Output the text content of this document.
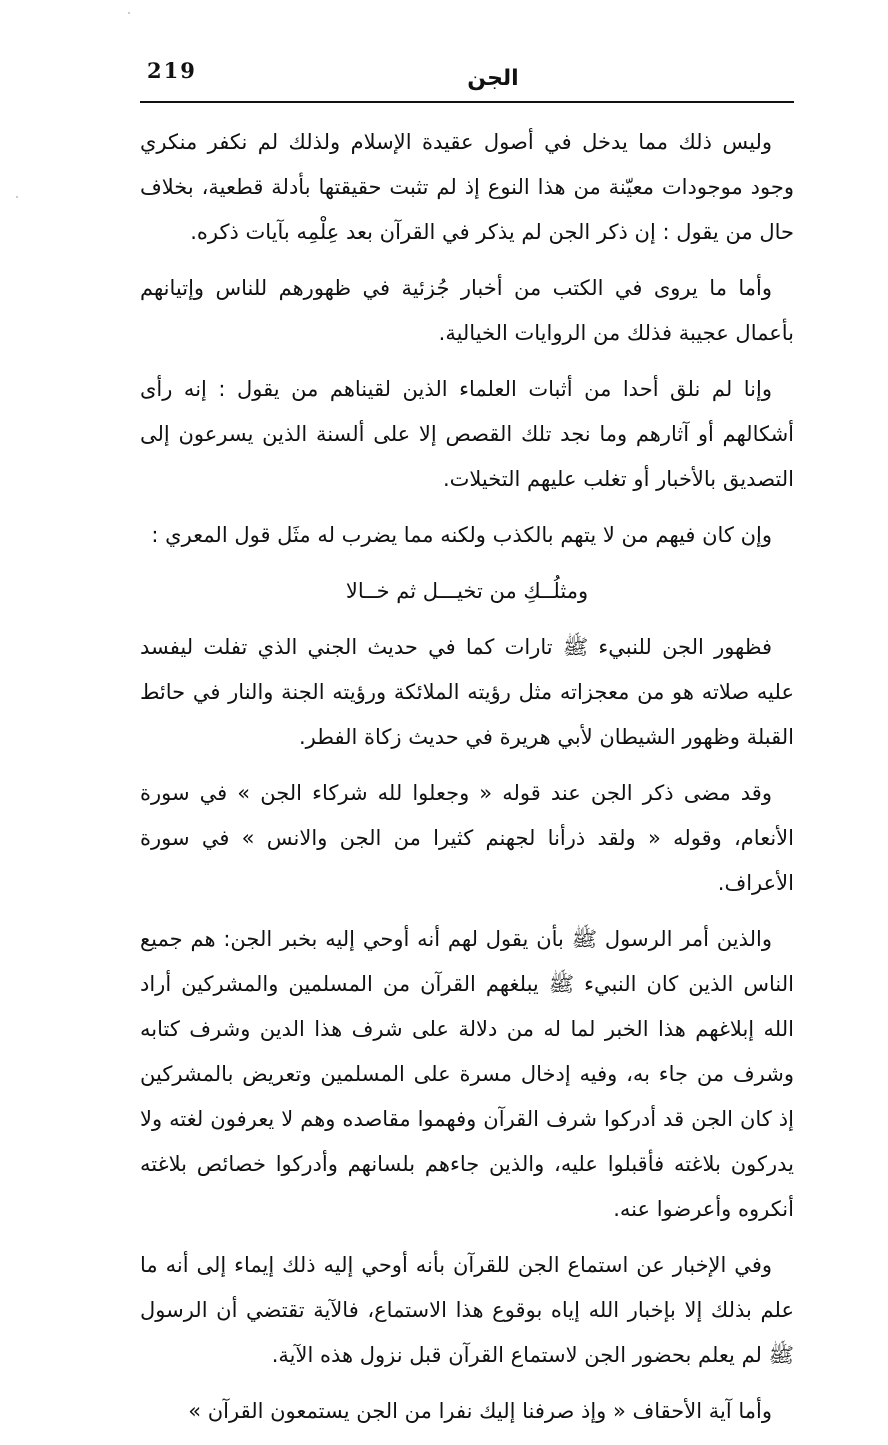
219	الجن

وليس ذلك مما يدخل في أصول عقيدة الإسلام ولذلك لم نكفر منكري وجود موجودات معيّنة من هذا النوع إذ لم تثبت حقيقتها بأدلة قطعية، بخلاف حال من يقول : إن ذكر الجن لم يذكر في القرآن بعد عِلْمِه بآيات ذكره.

وأما ما يروى في الكتب من أخبار جُزئية في ظهورهم للناس وإتيانهم بأعمال عجيبة فذلك من الروايات الخيالية.

وإنا لم نلق أحدا من أثبات العلماء الذين لقيناهم من يقول : إنه رأى أشكالهم أو آثارهم وما نجد تلك القصص إلا على ألسنة الذين يسرعون إلى التصديق بالأخبار أو تغلب عليهم التخيلات.

وإن كان فيهم من لا يتهم بالكذب ولكنه مما يضرب له مثَل قول المعري :

ومثلُــكِ من تخيـــل ثم خــالا

فظهور الجن للنبيء ﷺ تارات كما في حديث الجني الذي تفلت ليفسد عليه صلاته هو من معجزاته مثل رؤيته الملائكة ورؤيته الجنة والنار في حائط القبلة وظهور الشيطان لأبي هريرة في حديث زكاة الفطر.

وقد مضى ذكر الجن عند قوله « وجعلوا لله شركاء الجن » في سورة الأنعام، وقوله « ولقد ذرأنا لجهنم كثيرا من الجن والانس » في سورة الأعراف.

والذين أمر الرسول ﷺ بأن يقول لهم أنه أوحي إليه بخبر الجن: هم جميع الناس الذين كان النبيء ﷺ يبلغهم القرآن من المسلمين والمشركين أراد الله إبلاغهم هذا الخبر لما له من دلالة على شرف هذا الدين وشرف كتابه وشرف من جاء به، وفيه إدخال مسرة على المسلمين وتعريض بالمشركين إذ كان الجن قد أدركوا شرف القرآن وفهموا مقاصده وهم لا يعرفون لغته ولا يدركون بلاغته فأقبلوا عليه، والذين جاءهم بلسانهم وأدركوا خصائص بلاغته أنكروه وأعرضوا عنه.

وفي الإخبار عن استماع الجن للقرآن بأنه أوحي إليه ذلك إيماء إلى أنه ما علم بذلك إلا بإخبار الله إياه بوقوع هذا الاستماع، فالآية تقتضي أن الرسول ﷺ لم يعلم بحضور الجن لاستماع القرآن قبل نزول هذه الآية.

وأما آية الأحقاف « وإذ صرفنا إليك نفرا من الجن يستمعون القرآن »
